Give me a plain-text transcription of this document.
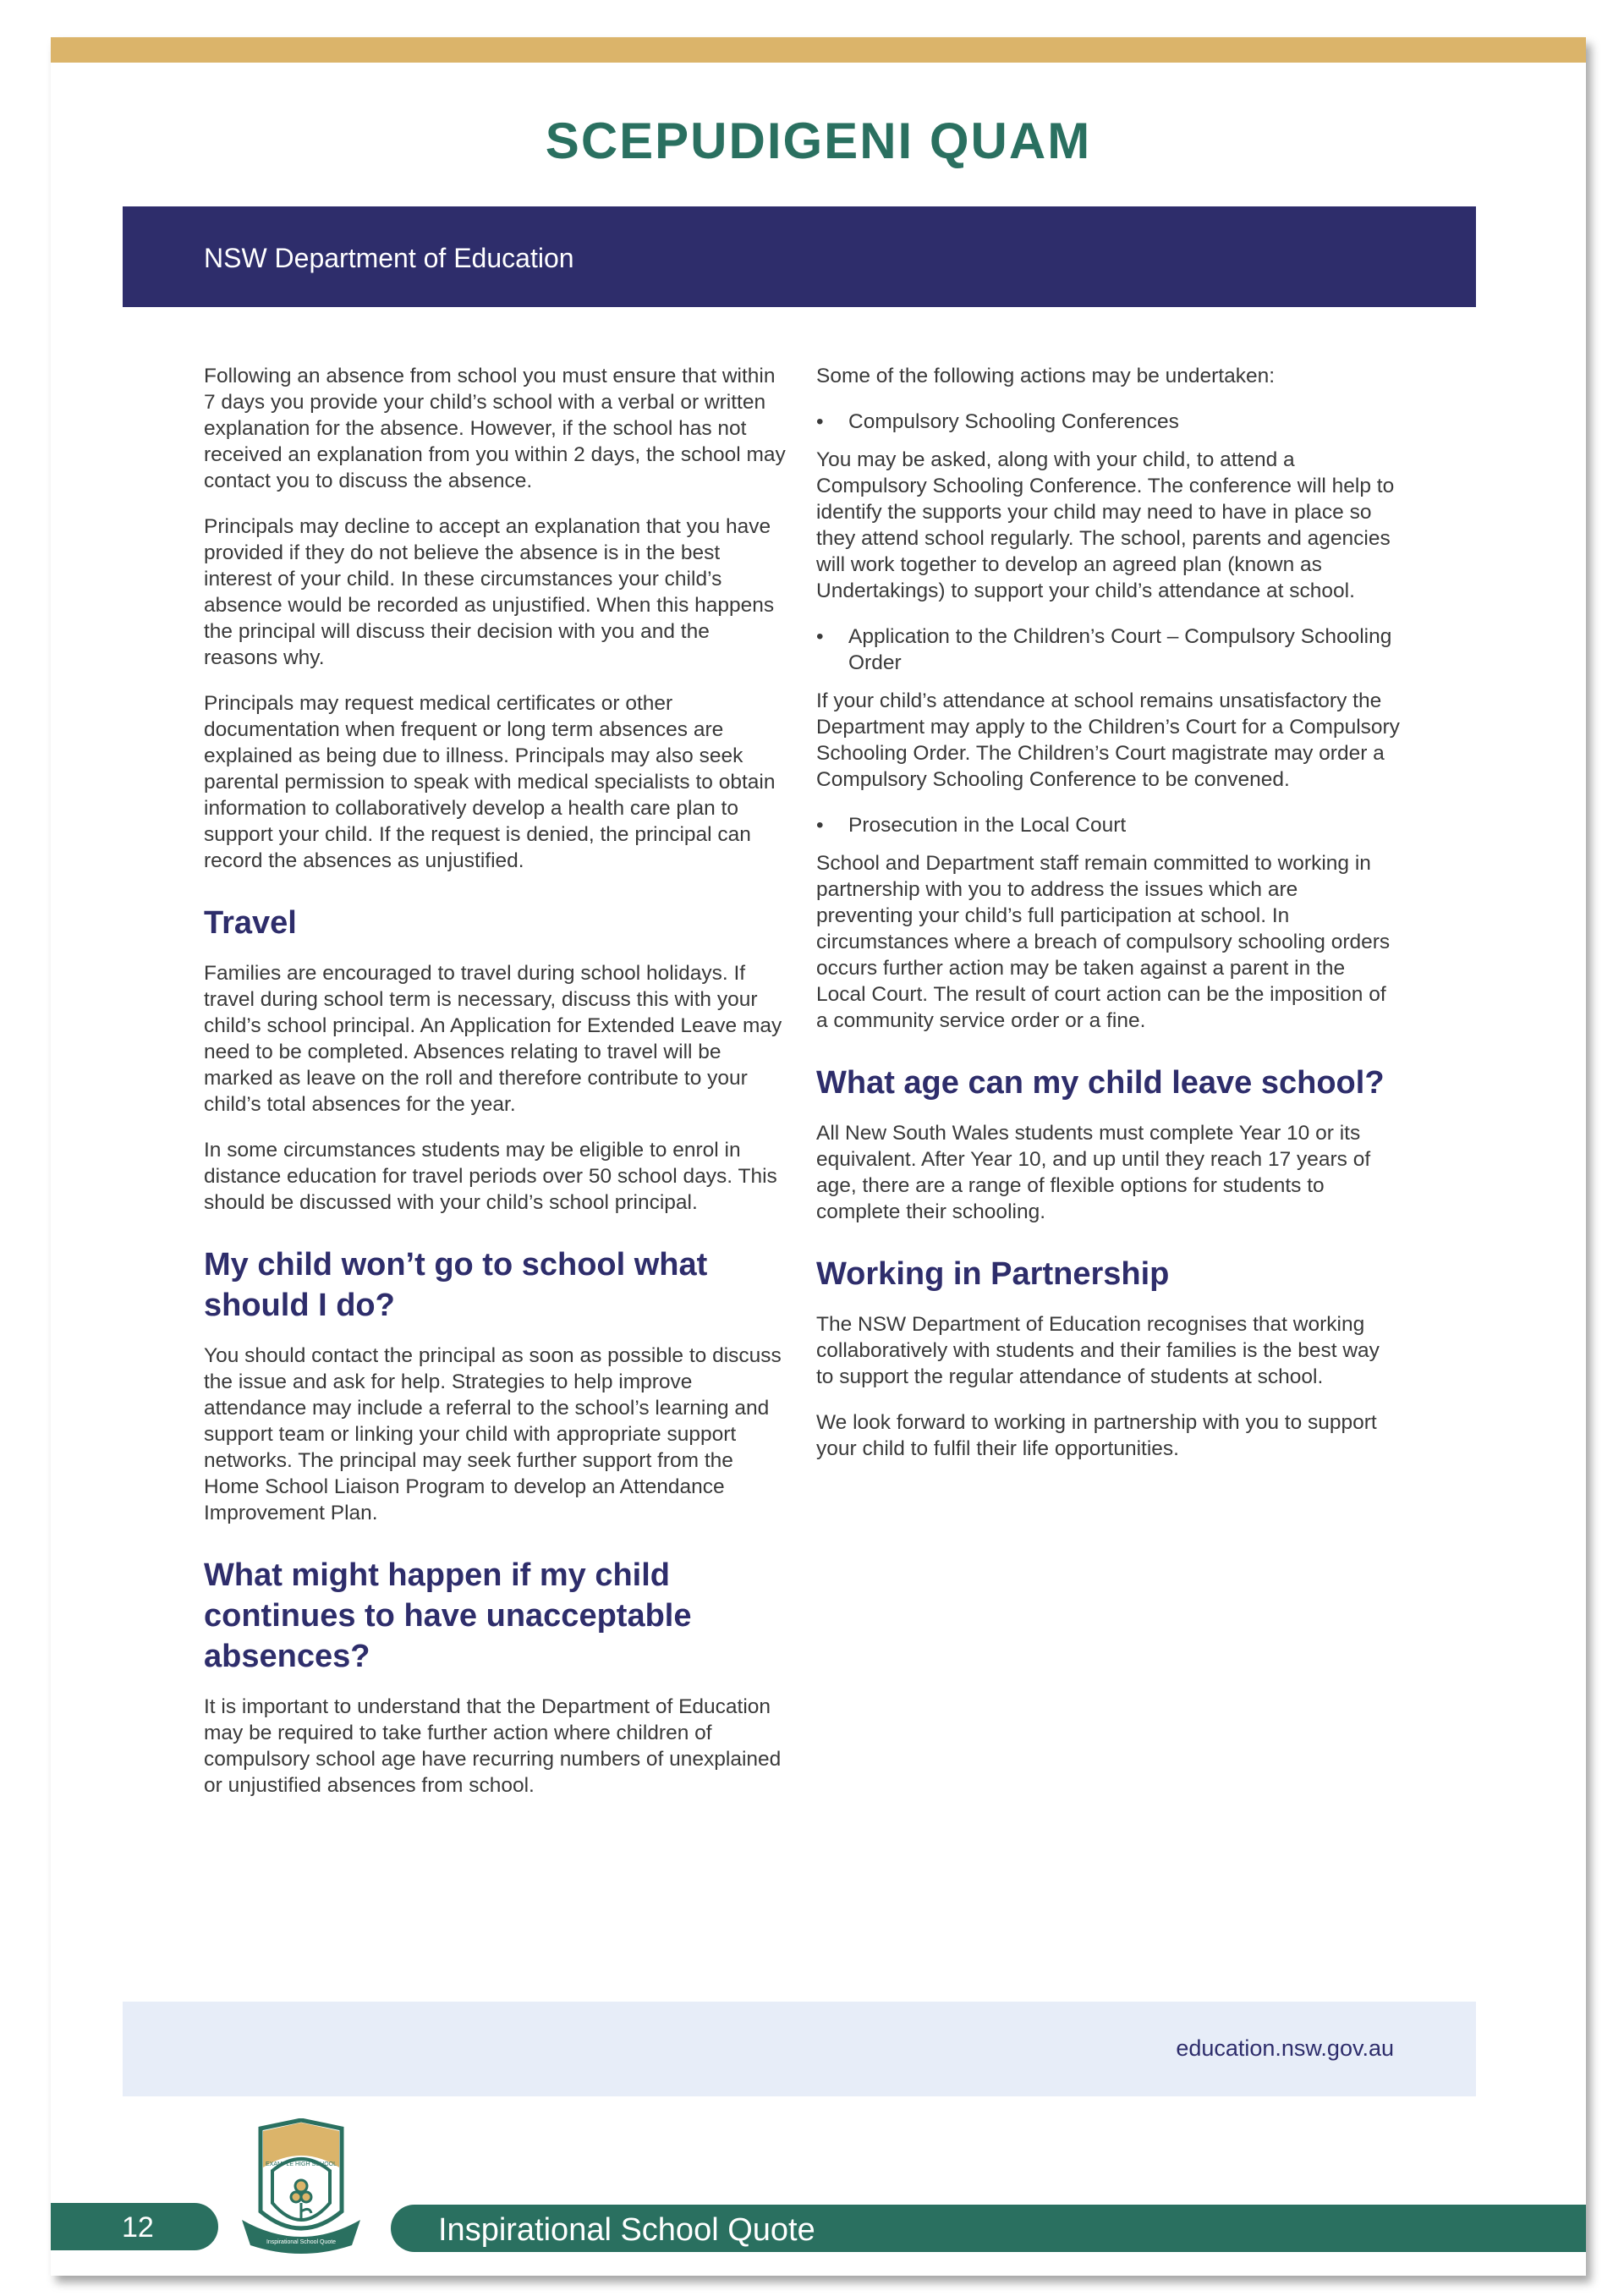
SCEPUDIGENI QUAM
NSW Department of Education

Following an absence from school you must ensure that within 7 days you provide your child’s school with a verbal or written explanation for the absence. However, if the school has not received an explanation from you within 2 days, the school may contact you to discuss the absence.

Principals may decline to accept an explanation that you have provided if they do not believe the absence is in the best interest of your child. In these circumstances your child’s absence would be recorded as unjustified. When this happens the principal will discuss their decision with you and the reasons why.

Principals may request medical certificates or other documentation when frequent or long term absences are explained as being due to illness. Principals may also seek parental permission to speak with medical specialists to obtain information to collaboratively develop a health care plan to support your child. If the request is denied, the principal can record the absences as unjustified.

Travel

Families are encouraged to travel during school holidays. If travel during school term is necessary, discuss this with your child’s school principal. An Application for Extended Leave may need to be completed. Absences relating to travel will be marked as leave on the roll and therefore contribute to your child’s total absences for the year.

In some circumstances students may be eligible to enrol in distance education for travel periods over 50 school days. This should be discussed with your child’s school principal.

My child won’t go to school what should I do?

You should contact the principal as soon as possible to discuss the issue and ask for help. Strategies to help improve attendance may include a referral to the school’s learning and support team or linking your child with appropriate support networks. The principal may seek further support from the Home School Liaison Program to develop an Attendance Improvement Plan.

What might happen if my child continues to have unacceptable absences?

It is important to understand that the Department of Education may be required to take further action where children of compulsory school age have recurring numbers of unexplained or unjustified absences from school.

Some of the following actions may be undertaken:

• Compulsory Schooling Conferences

You may be asked, along with your child, to attend a Compulsory Schooling Conference. The conference will help to identify the supports your child may need to have in place so they attend school regularly. The school, parents and agencies will work together to develop an agreed plan (known as Undertakings) to support your child’s attendance at school.

• Application to the Children’s Court – Compulsory Schooling Order

If your child’s attendance at school remains unsatisfactory the Department may apply to the Children’s Court for a Compulsory Schooling Order. The Children’s Court magistrate may order a Compulsory Schooling Conference to be convened.

• Prosecution in the Local Court

School and Department staff remain committed to working in partnership with you to address the issues which are preventing your child’s full participation at school. In circumstances where a breach of compulsory schooling orders occurs further action may be taken against a parent in the Local Court. The result of court action can be the imposition of a community service order or a fine.

What age can my child leave school?

All New South Wales students must complete Year 10 or its equivalent. After Year 10, and up until they reach 17 years of age, there are a range of flexible options for students to complete their schooling.

Working in Partnership

The NSW Department of Education recognises that working collaboratively with students and their families is the best way to support the regular attendance of students at school.

We look forward to working in partnership with you to support your child to fulfil their life opportunities.

education.nsw.gov.au
12	Inspirational School Quote
EXAMPLE HIGH SCHOOL
Inspirational School Quote
